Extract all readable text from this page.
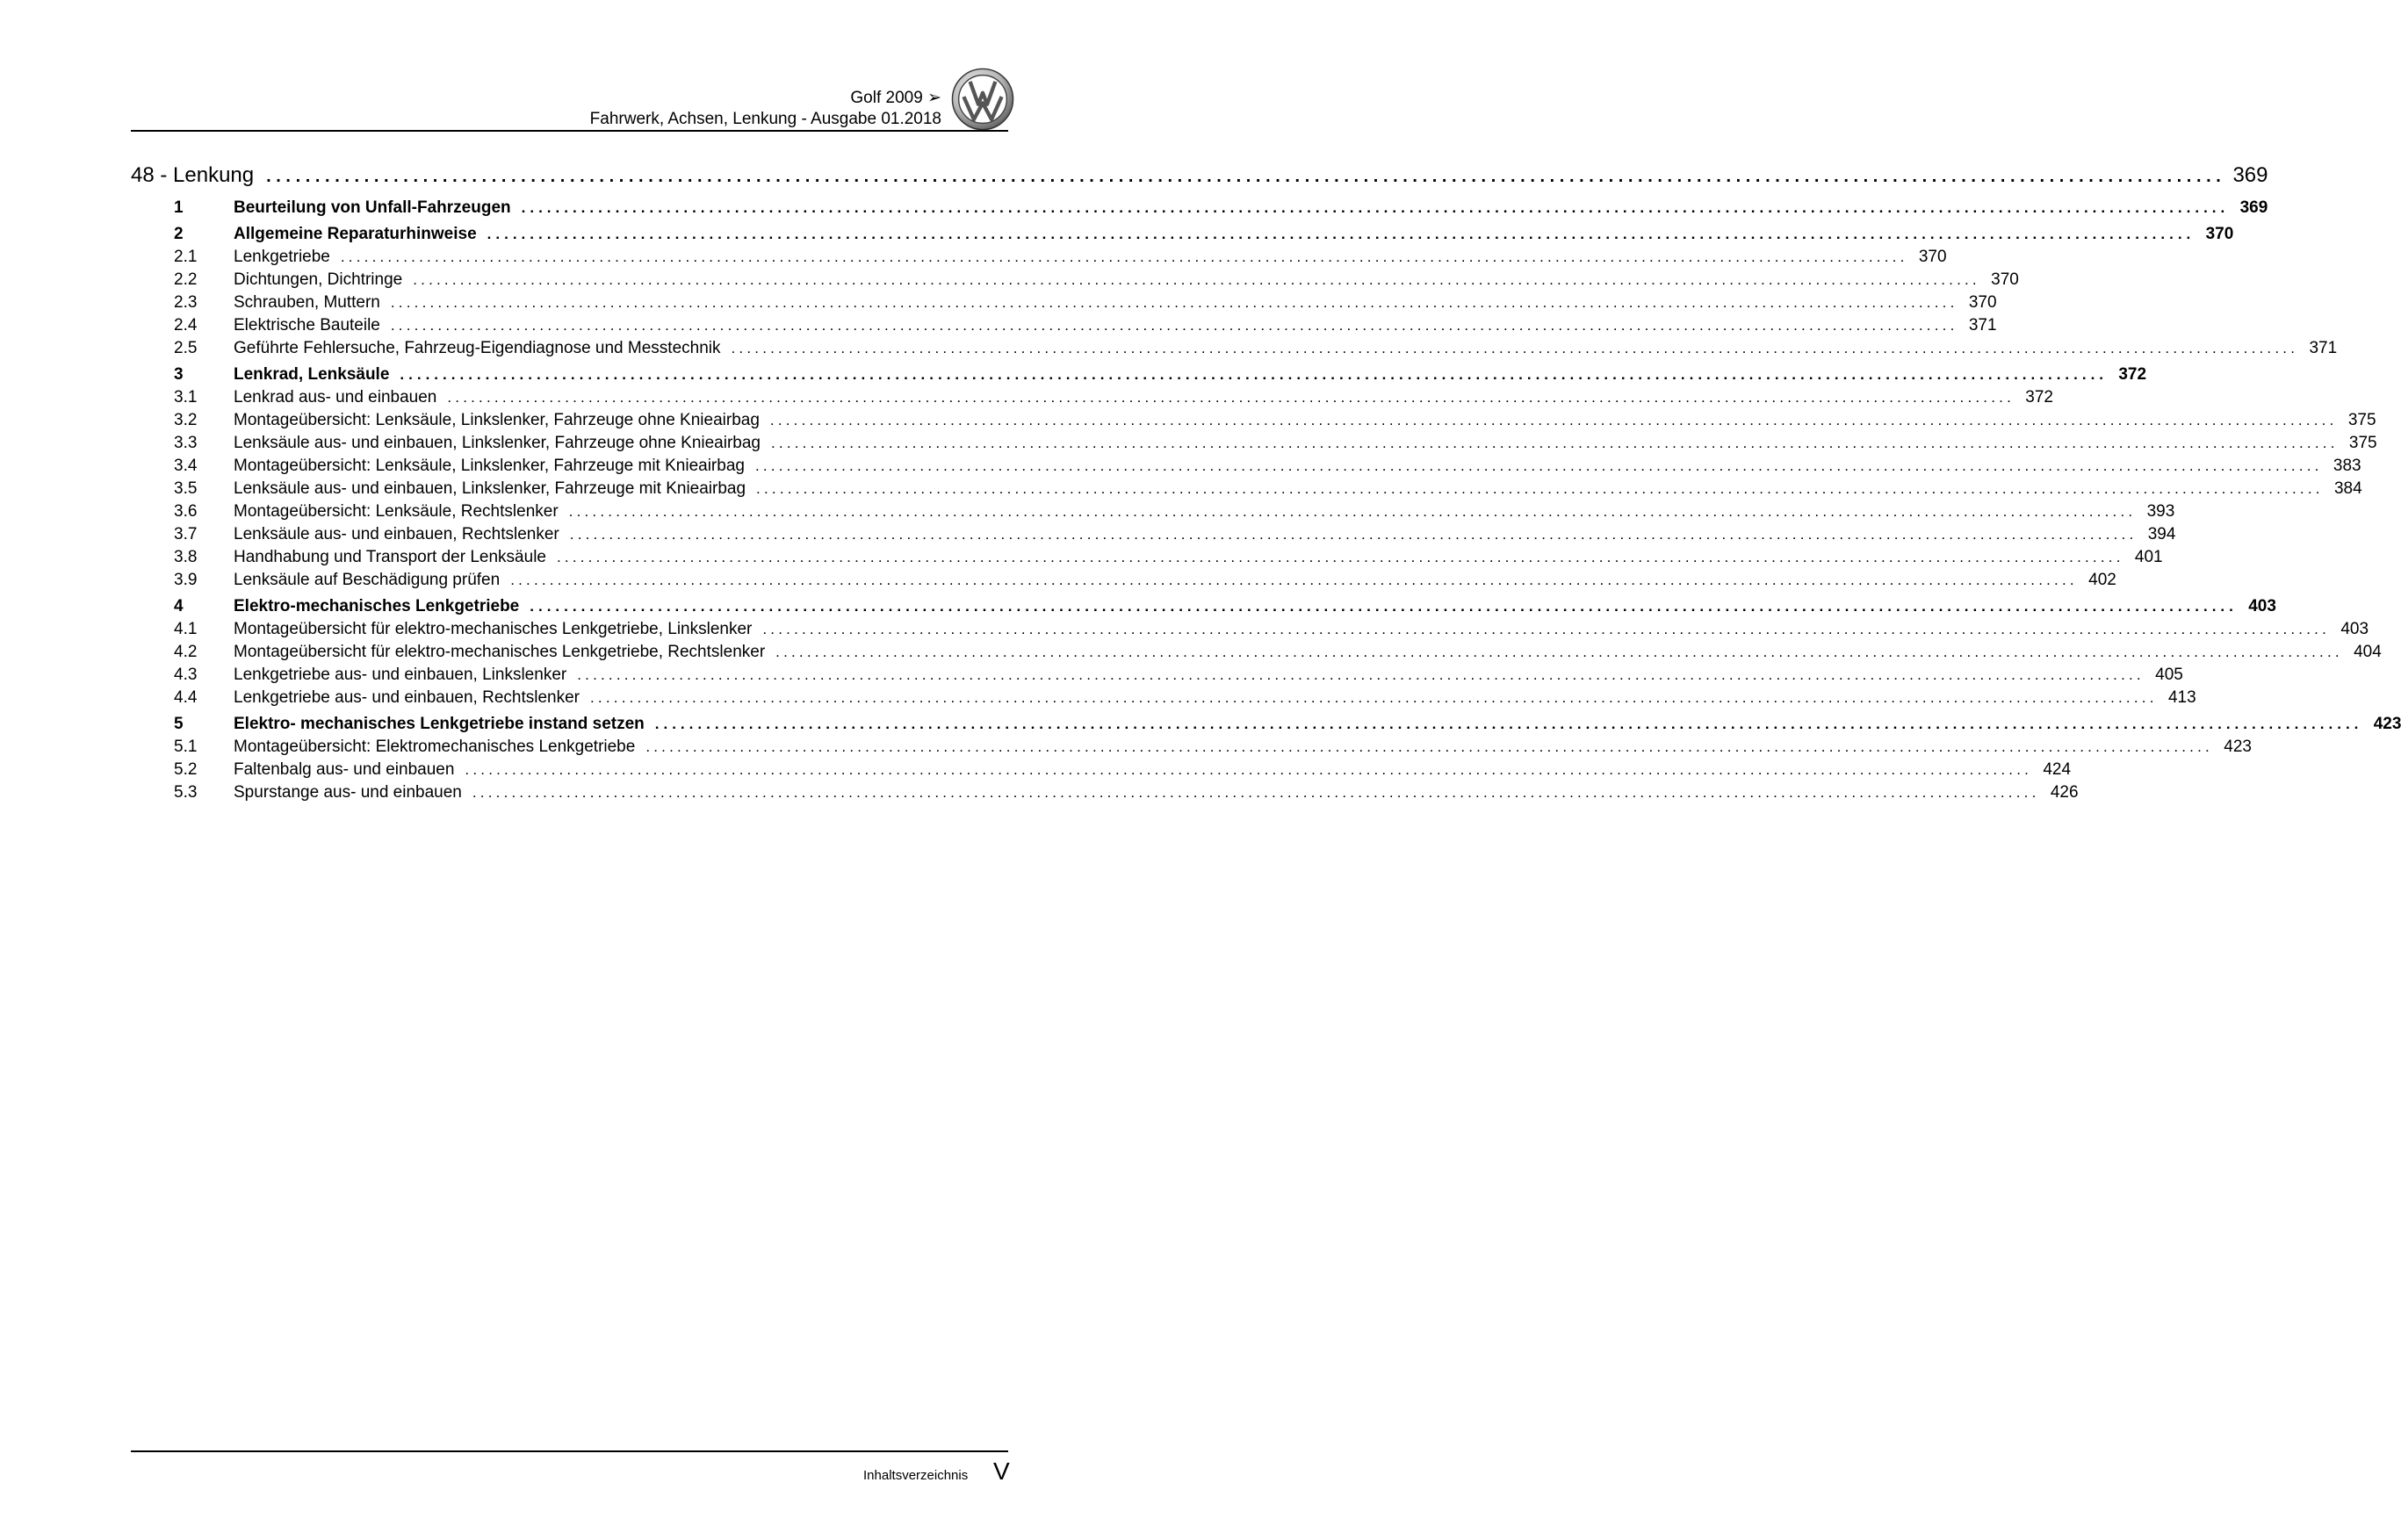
Golf 2009 ➢
Fahrwerk, Achsen, Lenkung - Ausgabe 01.2018
48 - Lenkung ........................................................................................................................................................................................................ 369
1	Beurteilung von Unfall-Fahrzeugen ........................................................................................................................................................................................................ 369
2	Allgemeine Reparaturhinweise ........................................................................................................................................................................................................ 370
2.1 Lenkgetriebe ........................................................................................................................................................................................................ 370
2.2 Dichtungen, Dichtringe ........................................................................................................................................................................................................ 370
2.3 Schrauben, Muttern ........................................................................................................................................................................................................ 370
2.4 Elektrische Bauteile ........................................................................................................................................................................................................ 371
2.5 Geführte Fehlersuche, Fahrzeug-Eigendiagnose und Messtechnik ........................................................................................................................................................................................................ 371
3	Lenkrad, Lenksäule ........................................................................................................................................................................................................ 372
3.1 Lenkrad aus- und einbauen ........................................................................................................................................................................................................ 372
3.2 Montageübersicht: Lenksäule, Linkslenker, Fahrzeuge ohne Knieairbag ........................................................................................................................................................................................................ 375
3.3 Lenksäule aus- und einbauen, Linkslenker, Fahrzeuge ohne Knieairbag ........................................................................................................................................................................................................ 375
3.4 Montageübersicht: Lenksäule, Linkslenker, Fahrzeuge mit Knieairbag ........................................................................................................................................................................................................ 383
3.5 Lenksäule aus- und einbauen, Linkslenker, Fahrzeuge mit Knieairbag ........................................................................................................................................................................................................ 384
3.6 Montageübersicht: Lenksäule, Rechtslenker ........................................................................................................................................................................................................ 393
3.7 Lenksäule aus- und einbauen, Rechtslenker ........................................................................................................................................................................................................ 394
3.8 Handhabung und Transport der Lenksäule ........................................................................................................................................................................................................ 401
3.9 Lenksäule auf Beschädigung prüfen ........................................................................................................................................................................................................ 402
4	Elektro-mechanisches Lenkgetriebe ........................................................................................................................................................................................................ 403
4.1 Montageübersicht für elektro-mechanisches Lenkgetriebe, Linkslenker ........................................................................................................................................................................................................ 403
4.2 Montageübersicht für elektro-mechanisches Lenkgetriebe, Rechtslenker ........................................................................................................................................................................................................ 404
4.3 Lenkgetriebe aus- und einbauen, Linkslenker ........................................................................................................................................................................................................ 405
4.4 Lenkgetriebe aus- und einbauen, Rechtslenker ........................................................................................................................................................................................................ 413
5	Elektro- mechanisches Lenkgetriebe instand setzen ........................................................................................................................................................................................................ 423
5.1 Montageübersicht: Elektromechanisches Lenkgetriebe ........................................................................................................................................................................................................ 423
5.2 Faltenbalg aus- und einbauen ........................................................................................................................................................................................................ 424
5.3 Spurstange aus- und einbauen ........................................................................................................................................................................................................ 426
Inhaltsverzeichnis V
